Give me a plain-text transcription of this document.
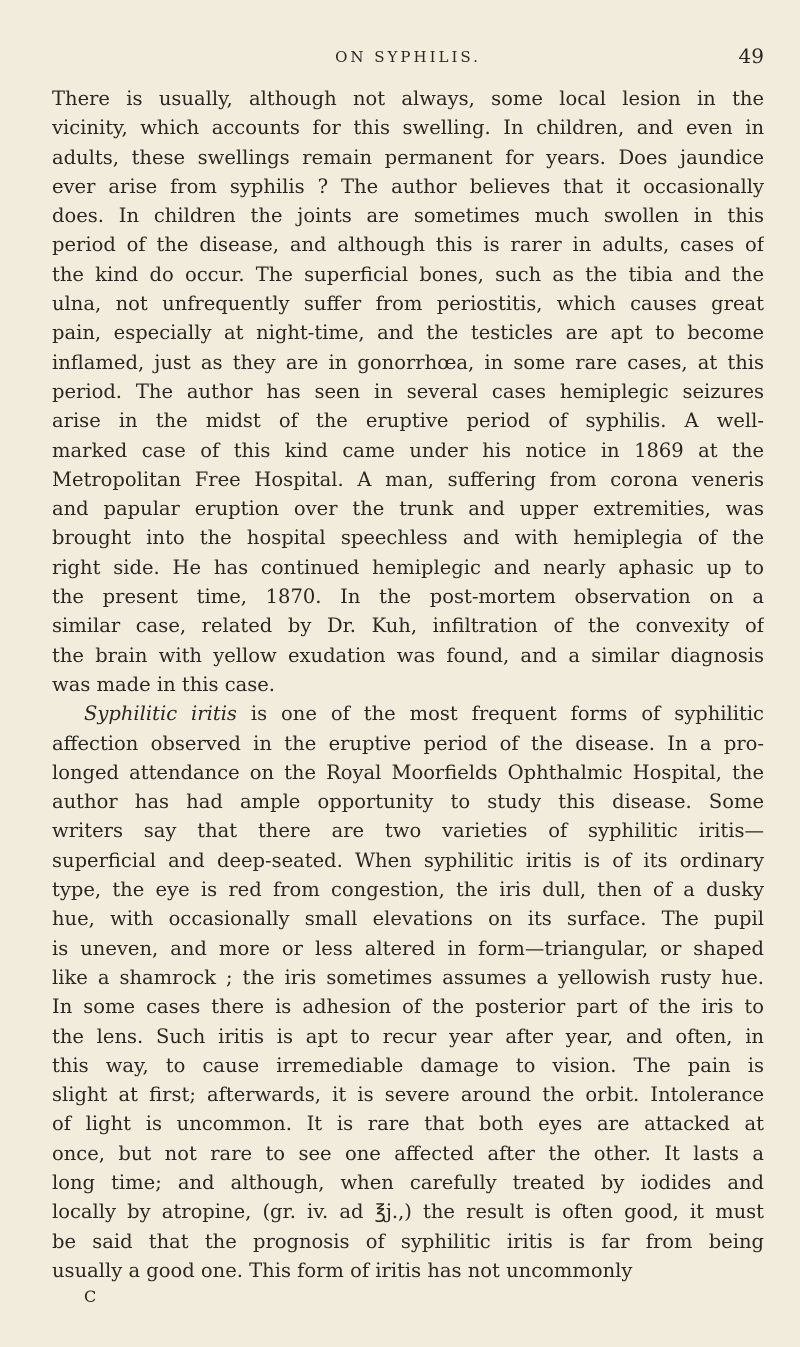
ON SYPHILIS.	49
There is usually, although not always, some local lesion in the
vicinity, which accounts for this swelling. In children, and even in
adults, these swellings remain permanent for years. Does jaundice
ever arise from syphilis ? The author believes that it occasionally
does. In children the joints are sometimes much swollen in this
period of the disease, and although this is rarer in adults, cases of
the kind do occur. The superficial bones, such as the tibia and the
ulna, not unfrequently suffer from periostitis, which causes great
pain, especially at night-time, and the testicles are apt to become
inflamed, just as they are in gonorrhœa, in some rare cases, at this
period. The author has seen in several cases hemiplegic seizures
arise in the midst of the eruptive period of syphilis. A well-
marked case of this kind came under his notice in 1869 at the
Metropolitan Free Hospital. A man, suffering from corona veneris
and papular eruption over the trunk and upper extremities, was
brought into the hospital speechless and with hemiplegia of the
right side. He has continued hemiplegic and nearly aphasic up to
the present time, 1870. In the post-mortem observation on a
similar case, related by Dr. Kuh, infiltration of the convexity of
the brain with yellow exudation was found, and a similar diagnosis
was made in this case.
Syphilitic iritis is one of the most frequent forms of syphilitic
affection observed in the eruptive period of the disease. In a pro-
longed attendance on the Royal Moorfields Ophthalmic Hospital, the
author has had ample opportunity to study this disease. Some
writers say that there are two varieties of syphilitic iritis—
superficial and deep-seated. When syphilitic iritis is of its ordinary
type, the eye is red from congestion, the iris dull, then of a dusky
hue, with occasionally small elevations on its surface. The pupil
is uneven, and more or less altered in form—triangular, or shaped
like a shamrock ; the iris sometimes assumes a yellowish rusty hue.
In some cases there is adhesion of the posterior part of the iris to
the lens. Such iritis is apt to recur year after year, and often, in
this way, to cause irremediable damage to vision. The pain is
slight at first; afterwards, it is severe around the orbit. Intolerance
of light is uncommon. It is rare that both eyes are attacked at
once, but not rare to see one affected after the other. It lasts a
long time; and although, when carefully treated by iodides and
locally by atropine, (gr. iv. ad ℥j.,) the result is often good, it must
be said that the prognosis of syphilitic iritis is far from being
usually a good one. This form of iritis has not uncommonly
C
